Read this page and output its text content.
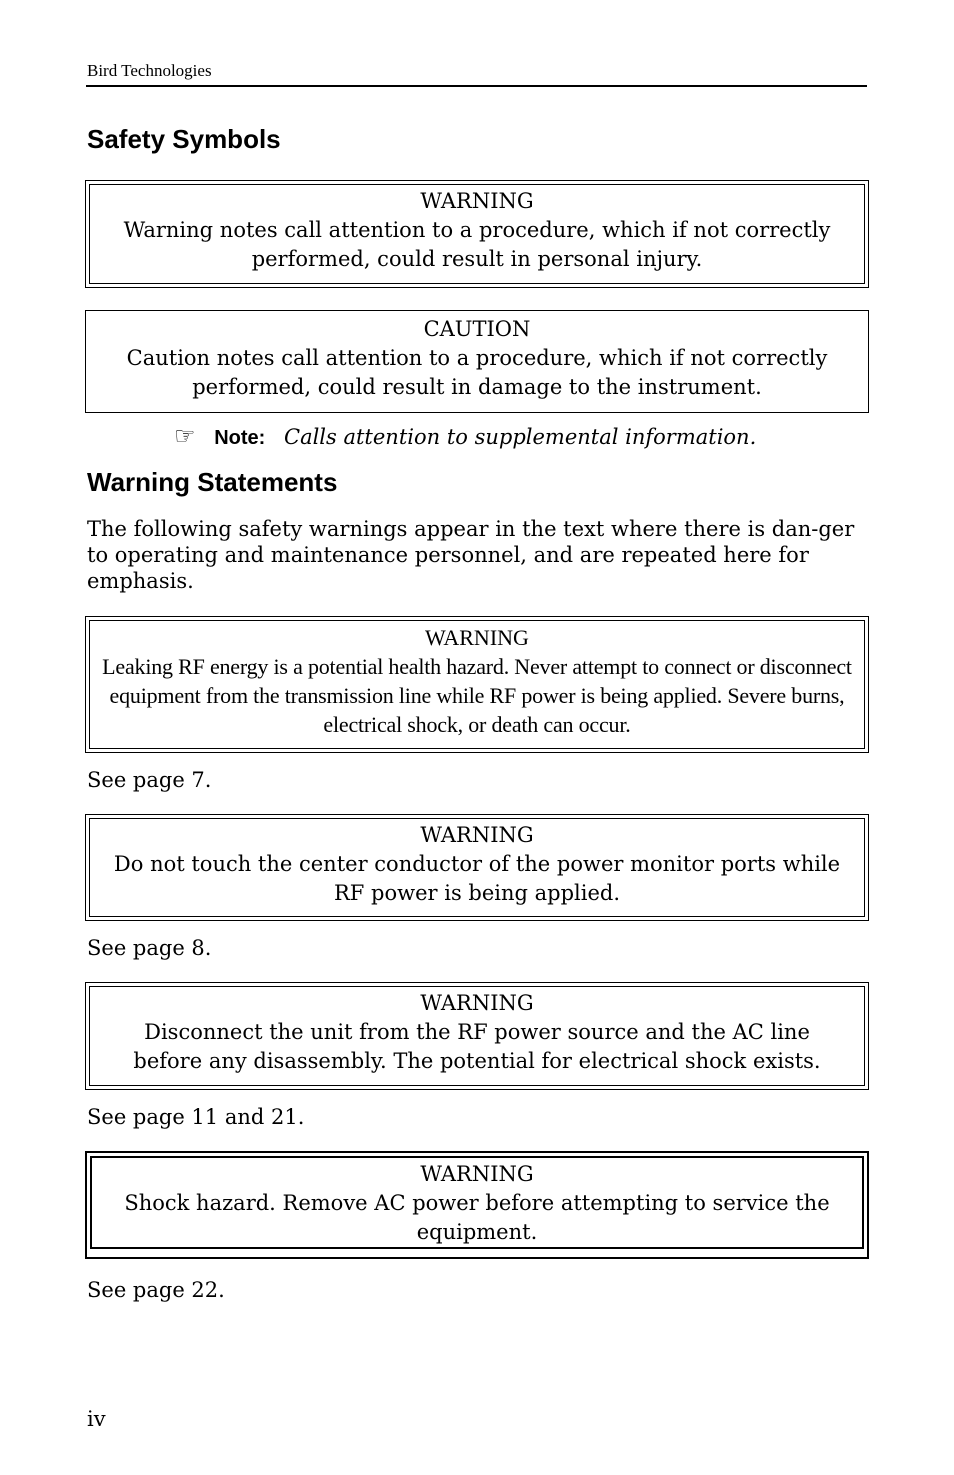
Bird Technologies
Safety Symbols
WARNING
Warning notes call attention to a procedure, which if not correctly performed, could result in personal injury.
CAUTION
Caution notes call attention to a procedure, which if not correctly performed, could result in damage to the instrument.
☞ Note: Calls attention to supplemental information.
Warning Statements
The following safety warnings appear in the text where there is dan-ger to operating and maintenance personnel, and are repeated here for emphasis.
WARNING
Leaking RF energy is a potential health hazard. Never attempt to connect or disconnect equipment from the transmission line while RF power is being applied. Severe burns, electrical shock, or death can occur.
See page 7.
WARNING
Do not touch the center conductor of the power monitor ports while RF power is being applied.
See page 8.
WARNING
Disconnect the unit from the RF power source and the AC line before any disassembly. The potential for electrical shock exists.
See page 11 and 21.
WARNING
Shock hazard. Remove AC power before attempting to service the equipment.
See page 22.
iv
